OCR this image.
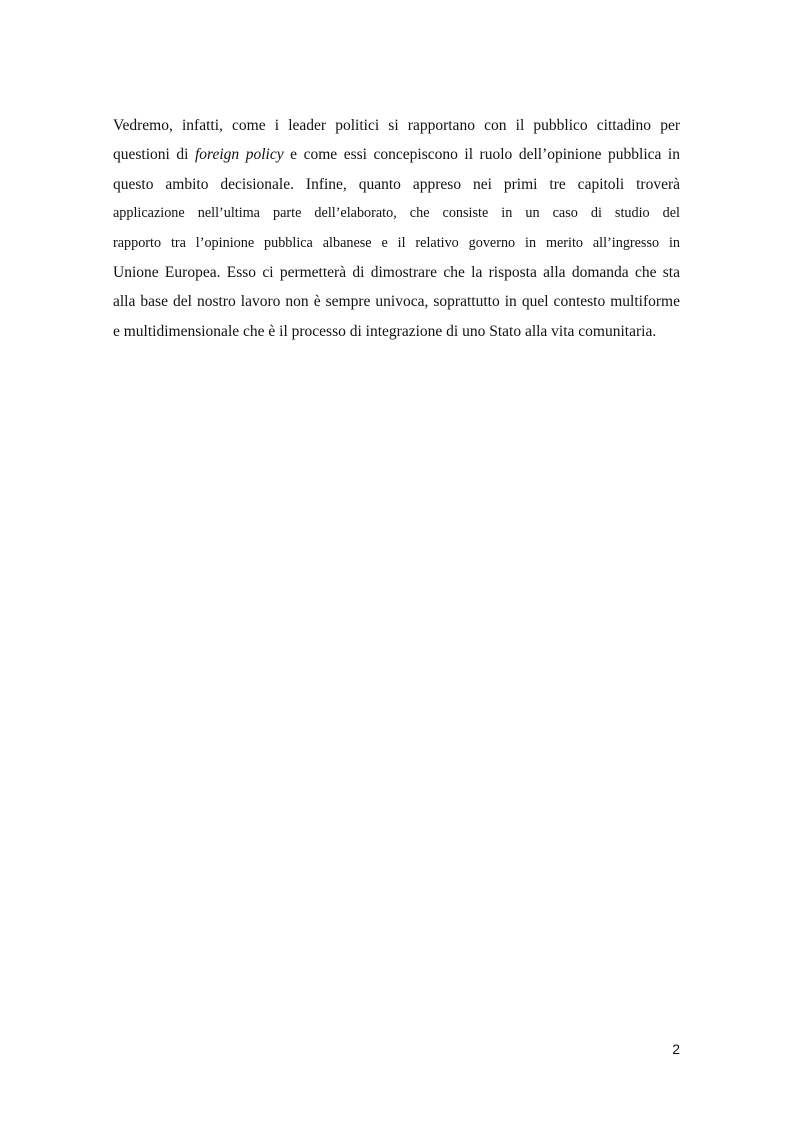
Vedremo, infatti, come i leader politici si rapportano con il pubblico cittadino per
questioni di foreign policy e come essi concepiscono il ruolo dell’opinione pubblica in
questo ambito decisionale. Infine, quanto appreso nei primi tre capitoli troverà
applicazione nell’ultima parte dell’elaborato, che consiste in un caso di studio del
rapporto tra l’opinione pubblica albanese e il relativo governo in merito all’ingresso in
Unione Europea. Esso ci permetterà di dimostrare che la risposta alla domanda che sta
alla base del nostro lavoro non è sempre univoca, soprattutto in quel contesto multiforme
e multidimensionale che è il processo di integrazione di uno Stato alla vita comunitaria.

2
